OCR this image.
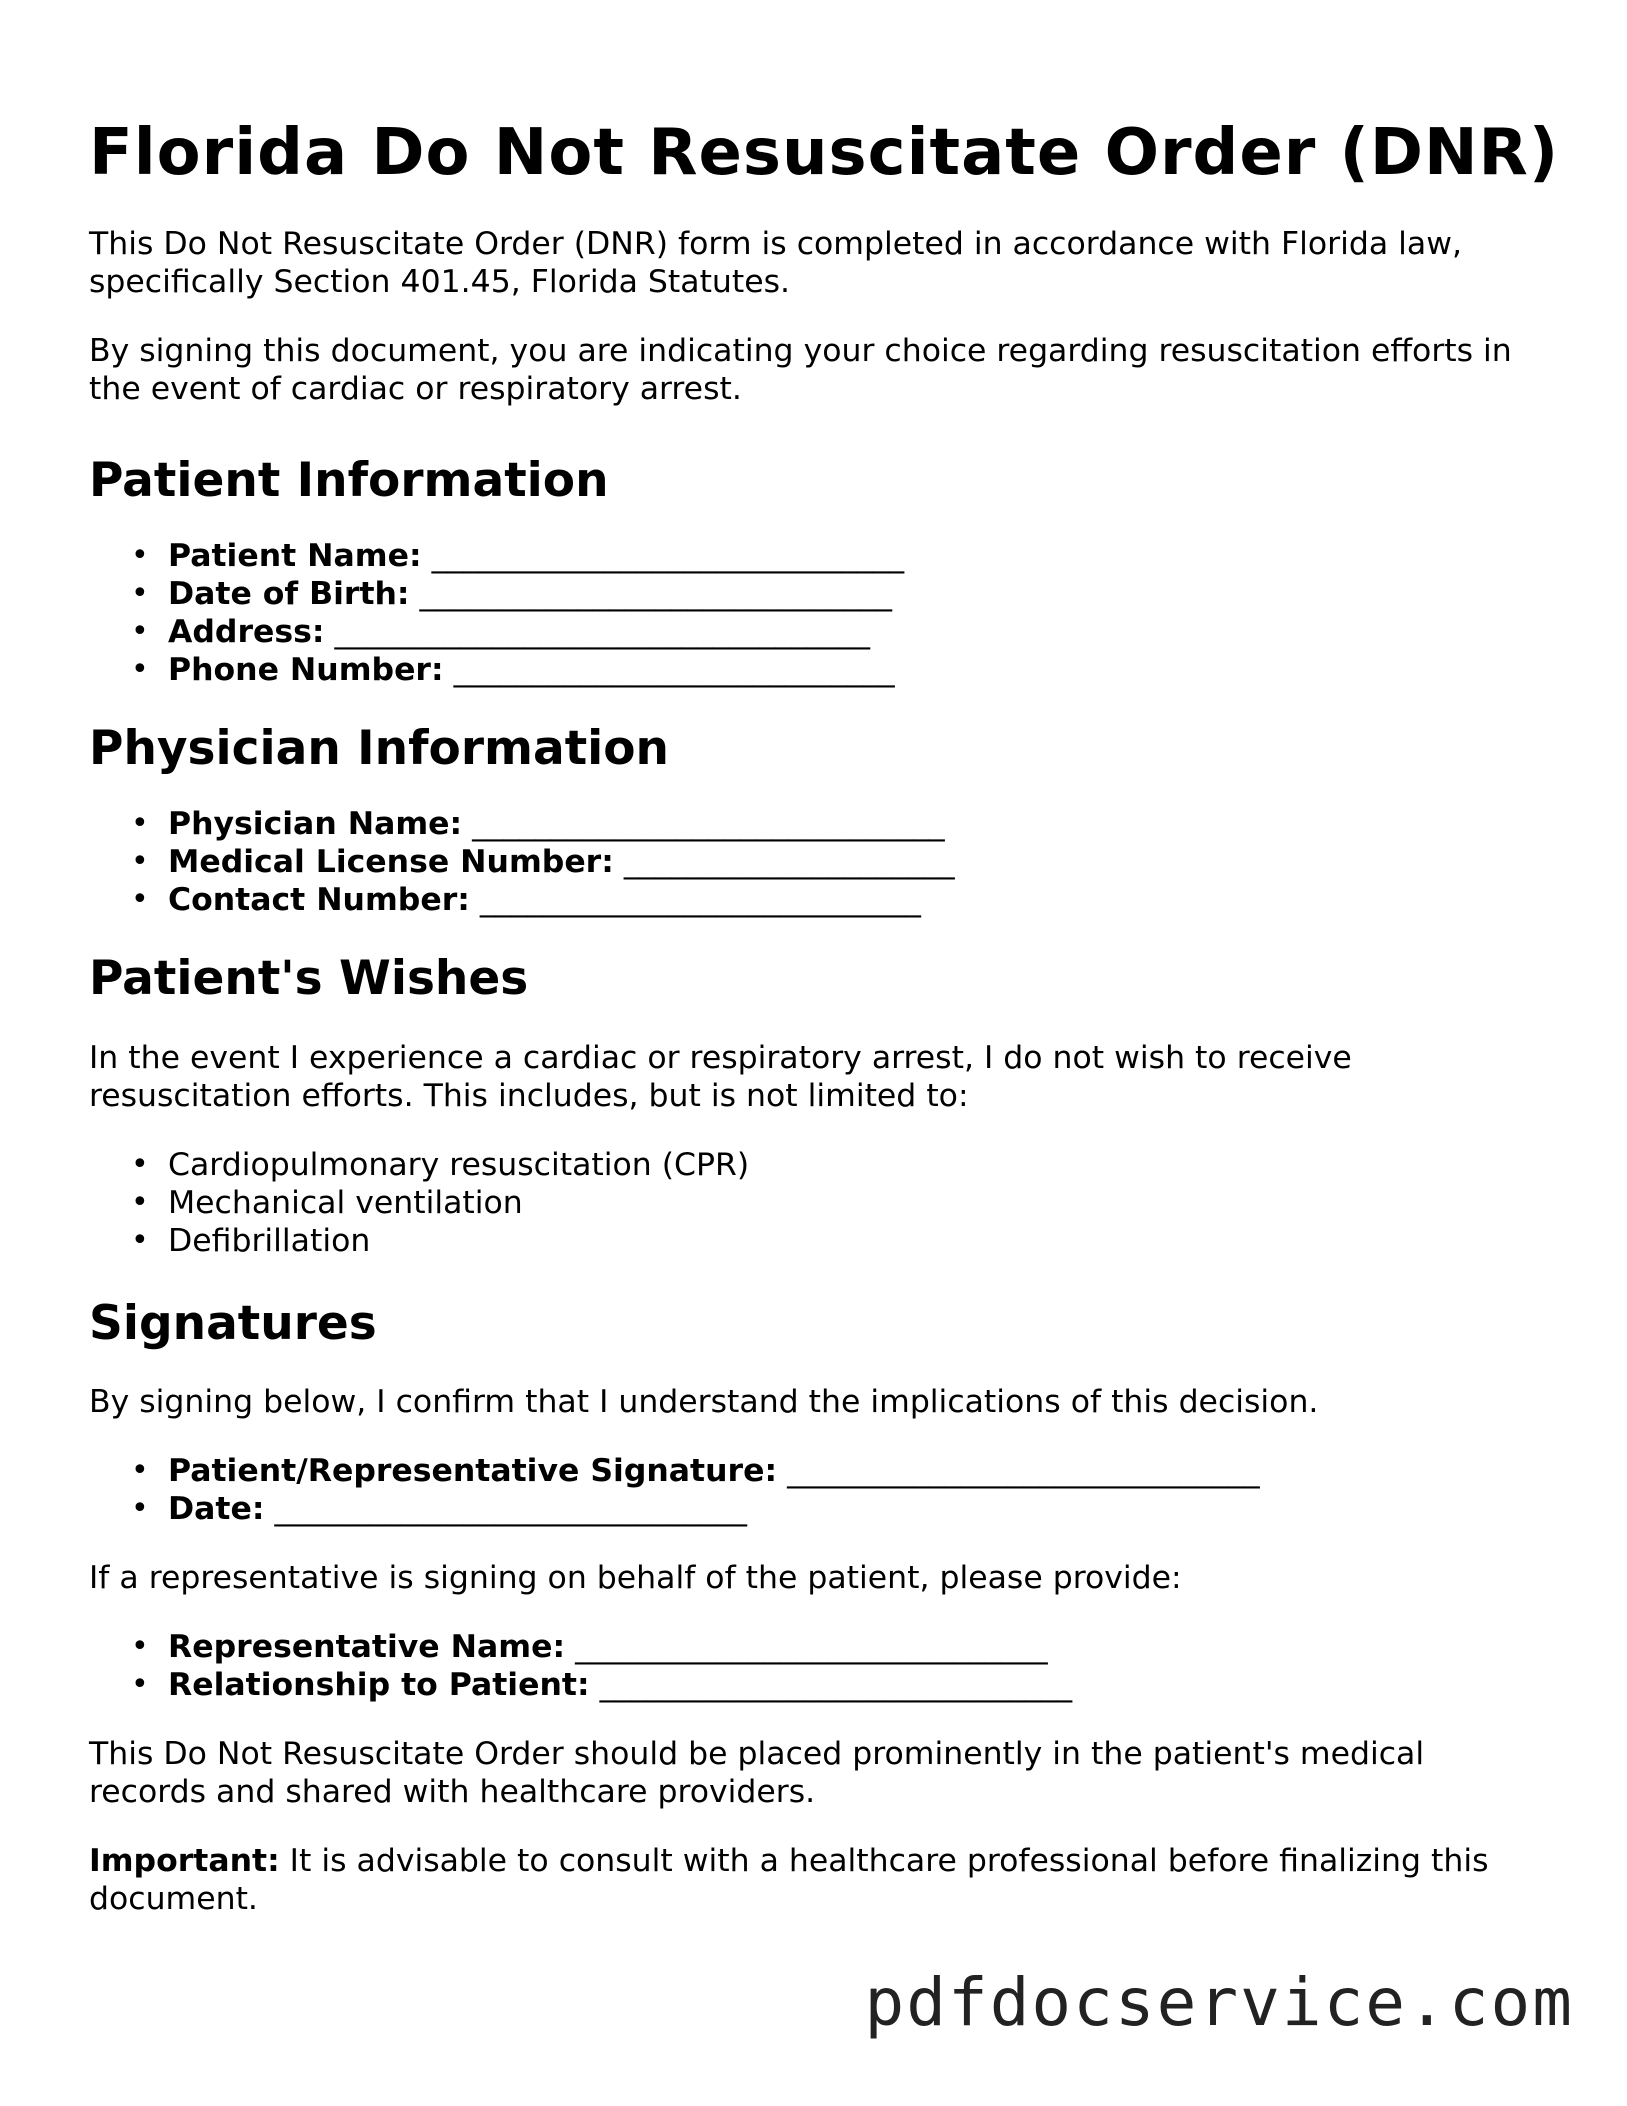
Florida Do Not Resuscitate Order (DNR)

This Do Not Resuscitate Order (DNR) form is completed in accordance with Florida law, specifically Section 401.45, Florida Statutes.

By signing this document, you are indicating your choice regarding resuscitation efforts in the event of cardiac or respiratory arrest.

Patient Information
• Patient Name: ______________________________
• Date of Birth: ______________________________
• Address: __________________________________
• Phone Number: ____________________________
Physician Information
• Physician Name: ______________________________
• Medical License Number: _____________________
• Contact Number: ____________________________
Patient's Wishes

In the event I experience a cardiac or respiratory arrest, I do not wish to receive resuscitation efforts. This includes, but is not limited to:

• Cardiopulmonary resuscitation (CPR)
• Mechanical ventilation
• Defibrillation
Signatures

By signing below, I confirm that I understand the implications of this decision.

• Patient/Representative Signature: ______________________________
• Date: ______________________________

If a representative is signing on behalf of the patient, please provide:

• Representative Name: ______________________________
• Relationship to Patient: ______________________________

This Do Not Resuscitate Order should be placed prominently in the patient's medical records and shared with healthcare providers.

Important: It is advisable to consult with a healthcare professional before finalizing this document.

pdfdocservice.com
